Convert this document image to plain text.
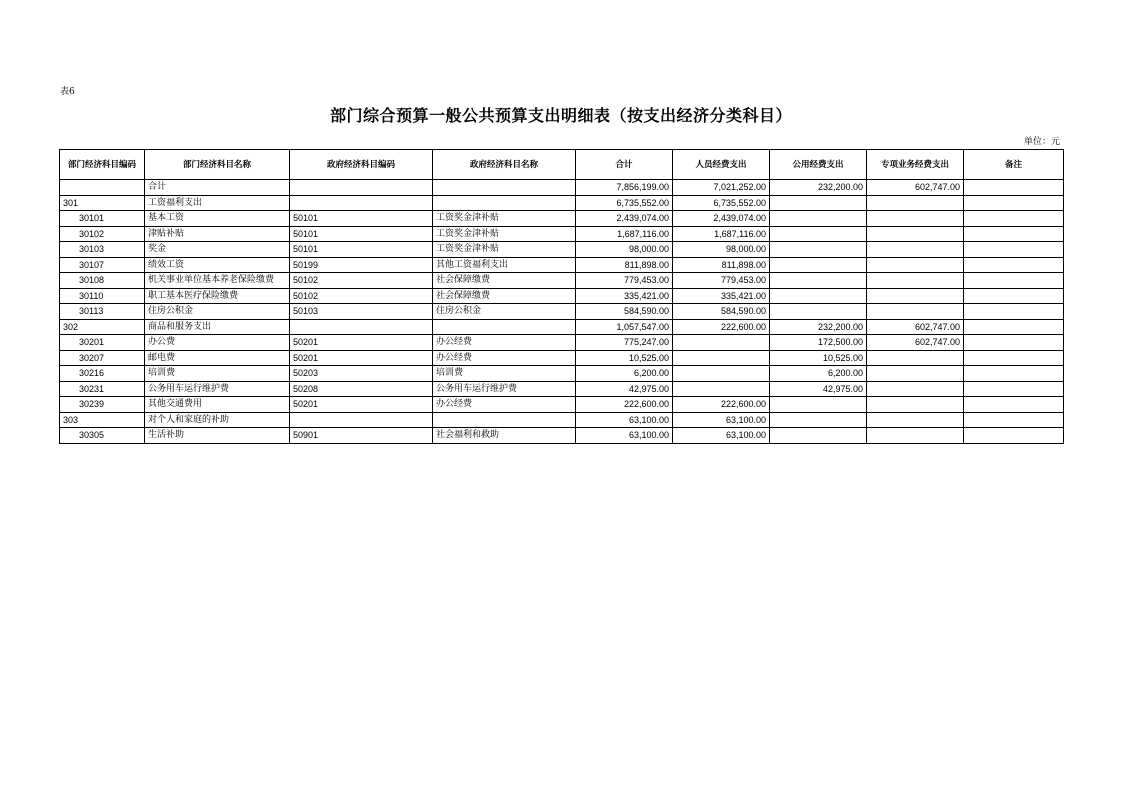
表6
部门综合预算一般公共预算支出明细表（按支出经济分类科目）
单位：元
部门经济科目编码	部门经济科目名称	政府经济科目编码	政府经济科目名称	合计	人员经费支出	公用经费支出	专项业务经费支出	备注
	合计			7,856,199.00	7,021,252.00	232,200.00	602,747.00	
301	工资福利支出			6,735,552.00	6,735,552.00			
30101	基本工资	50101	工资奖金津补贴	2,439,074.00	2,439,074.00			
30102	津贴补贴	50101	工资奖金津补贴	1,687,116.00	1,687,116.00			
30103	奖金	50101	工资奖金津补贴	98,000.00	98,000.00			
30107	绩效工资	50199	其他工资福利支出	811,898.00	811,898.00			
30108	机关事业单位基本养老保险缴费	50102	社会保障缴费	779,453.00	779,453.00			
30110	职工基本医疗保险缴费	50102	社会保障缴费	335,421.00	335,421.00			
30113	住房公积金	50103	住房公积金	584,590.00	584,590.00			
302	商品和服务支出			1,057,547.00	222,600.00	232,200.00	602,747.00	
30201	办公费	50201	办公经费	775,247.00		172,500.00	602,747.00	
30207	邮电费	50201	办公经费	10,525.00		10,525.00		
30216	培训费	50203	培训费	6,200.00		6,200.00		
30231	公务用车运行维护费	50208	公务用车运行维护费	42,975.00		42,975.00		
30239	其他交通费用	50201	办公经费	222,600.00	222,600.00			
303	对个人和家庭的补助			63,100.00	63,100.00			
30305	生活补助	50901	社会福利和救助	63,100.00	63,100.00			
